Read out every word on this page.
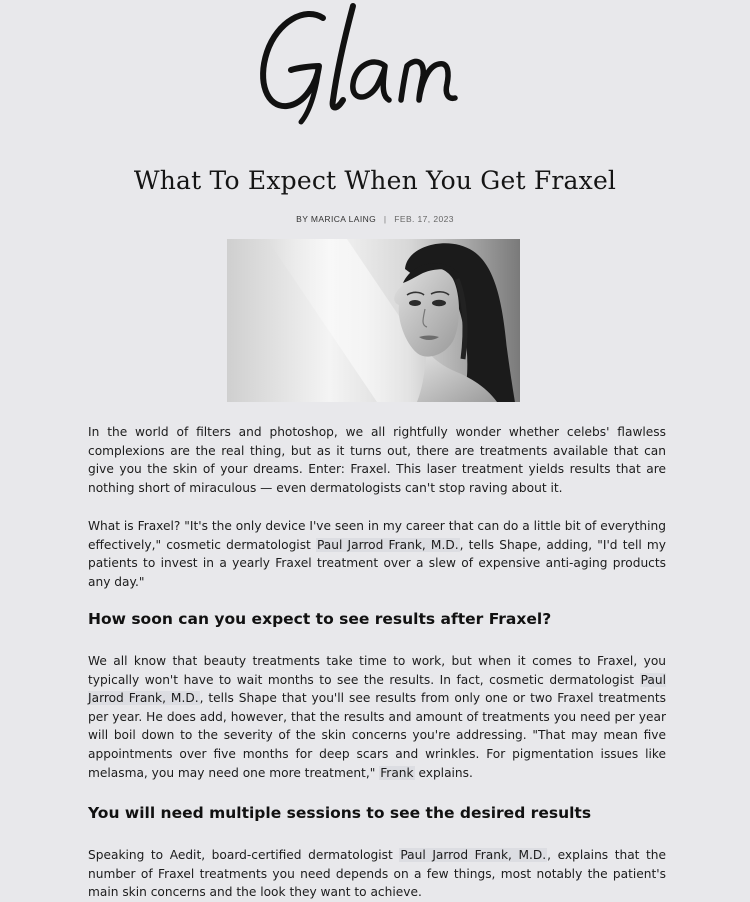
What To Expect When You Get Fraxel
BY MARICA LAING | FEB. 17, 2023

In the world of filters and photoshop, we all rightfully wonder whether celebs' flawless complexions are the real thing, but as it turns out, there are treatments available that can give you the skin of your dreams. Enter: Fraxel. This laser treatment yields results that are nothing short of miraculous — even dermatologists can't stop raving about it.

What is Fraxel? "It's the only device I've seen in my career that can do a little bit of everything effectively," cosmetic dermatologist Paul Jarrod Frank, M.D., tells Shape, adding, "I'd tell my patients to invest in a yearly Fraxel treatment over a slew of expensive anti-aging products any day."

How soon can you expect to see results after Fraxel?

We all know that beauty treatments take time to work, but when it comes to Fraxel, you typically won't have to wait months to see the results. In fact, cosmetic dermatologist Paul Jarrod Frank, M.D., tells Shape that you'll see results from only one or two Fraxel treatments per year. He does add, however, that the results and amount of treatments you need per year will boil down to the severity of the skin concerns you're addressing. "That may mean five appointments over five months for deep scars and wrinkles. For pigmentation issues like melasma, you may need one more treatment," Frank explains.

You will need multiple sessions to see the desired results

Speaking to Aedit, board-certified dermatologist Paul Jarrod Frank, M.D., explains that the number of Fraxel treatments you need depends on a few things, most notably the patient's main skin concerns and the look they want to achieve.
